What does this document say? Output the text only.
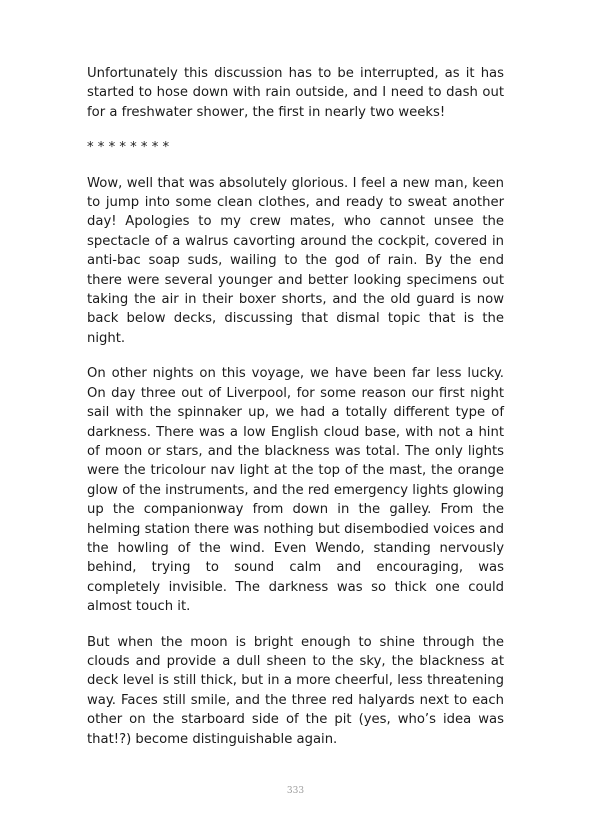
Unfortunately this discussion has to be interrupted, as it has started to hose down with rain outside, and I need to dash out for a freshwater shower, the first in nearly two weeks!

* * * * * * * *

Wow, well that was absolutely glorious. I feel a new man, keen to jump into some clean clothes, and ready to sweat another day! Apologies to my crew mates, who cannot unsee the spectacle of a walrus cavorting around the cockpit, covered in anti-bac soap suds, wailing to the god of rain. By the end there were several younger and better looking specimens out taking the air in their boxer shorts, and the old guard is now back below decks, discussing that dismal topic that is the night.

On other nights on this voyage, we have been far less lucky. On day three out of Liverpool, for some reason our first night sail with the spinnaker up, we had a totally different type of darkness. There was a low English cloud base, with not a hint of moon or stars, and the blackness was total. The only lights were the tricolour nav light at the top of the mast, the orange glow of the instruments, and the red emergency lights glowing up the companionway from down in the galley. From the helming station there was nothing but disembodied voices and the howling of the wind. Even Wendo, standing nervously behind, trying to sound calm and encouraging, was completely invisible. The darkness was so thick one could almost touch it.

But when the moon is bright enough to shine through the clouds and provide a dull sheen to the sky, the blackness at deck level is still thick, but in a more cheerful, less threatening way. Faces still smile, and the three red halyards next to each other on the starboard side of the pit (yes, who’s idea was that!?) become distinguishable again.

333
